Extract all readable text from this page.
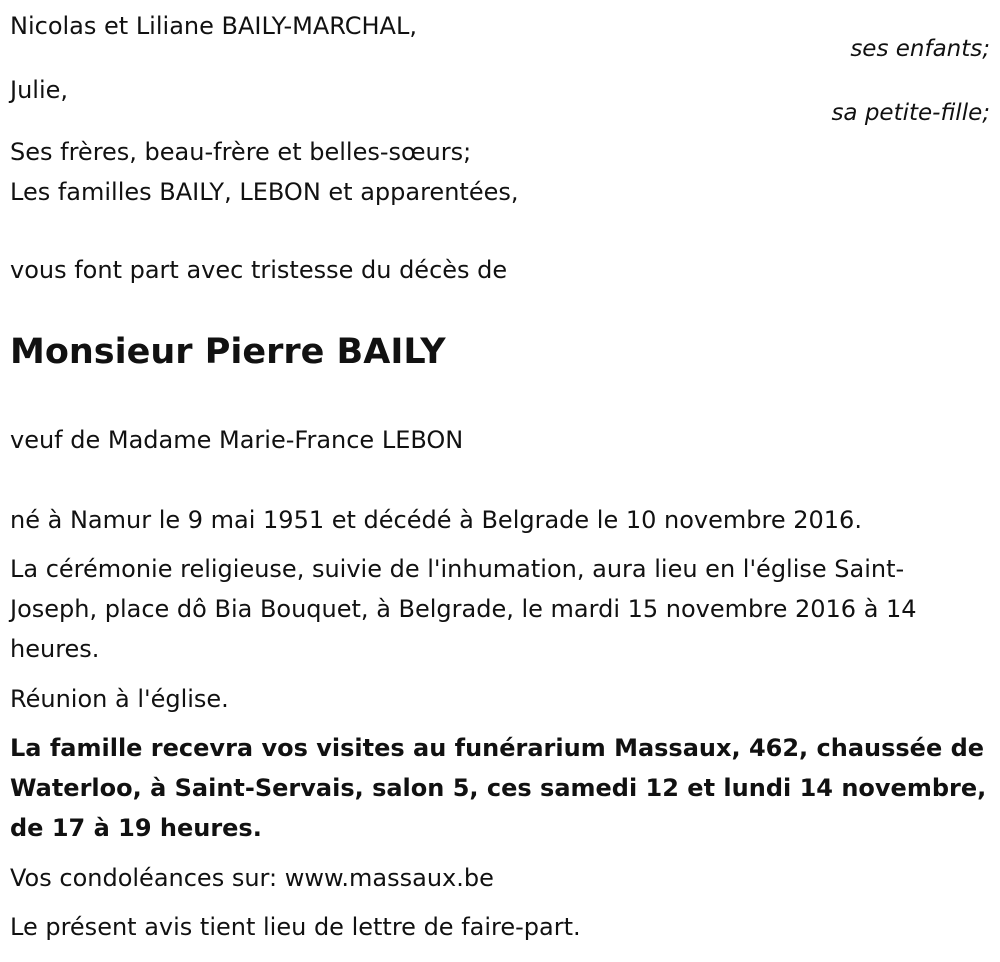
Nicolas et Liliane BAILY-MARCHAL,

ses enfants;

Julie,

sa petite-fille;

Ses frères, beau-frère et belles-sœurs;

Les familles BAILY, LEBON et apparentées,

vous font part avec tristesse du décès de

Monsieur Pierre BAILY

veuf de Madame Marie-France LEBON

né à Namur le 9 mai 1951 et décédé à Belgrade le 10 novembre 2016.

La cérémonie religieuse, suivie de l'inhumation, aura lieu en l'église Saint-Joseph, place dô Bia Bouquet, à Belgrade, le mardi 15 novembre 2016 à 14 heures.

Réunion à l'église.

La famille recevra vos visites au funérarium Massaux, 462, chaussée de Waterloo, à Saint-Servais, salon 5, ces samedi 12 et lundi 14 novembre, de 17 à 19 heures.

Vos condoléances sur: www.massaux.be

Le présent avis tient lieu de lettre de faire-part.
